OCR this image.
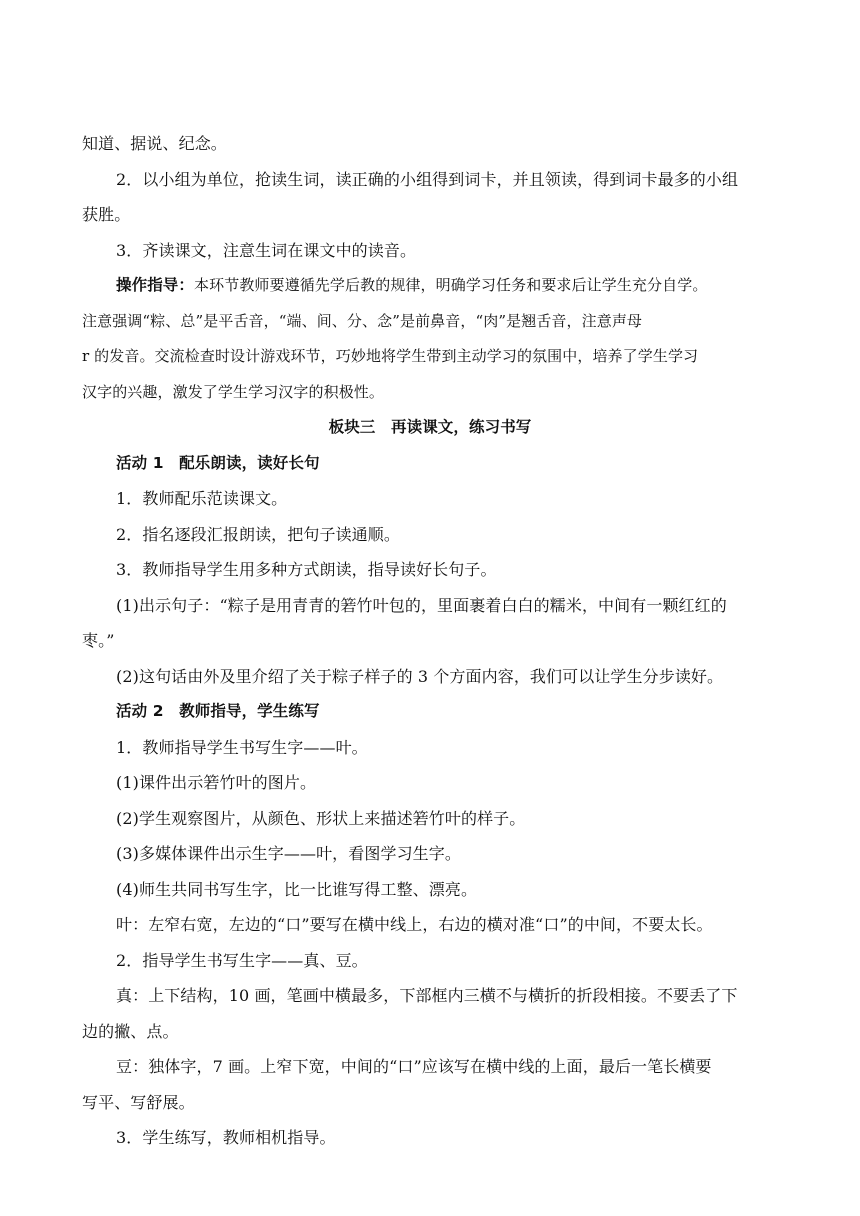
知道、据说、纪念。
2．以小组为单位，抢读生词，读正确的小组得到词卡，并且领读，得到词卡最多的小组
获胜。
3．齐读课文，注意生词在课文中的读音。
操作指导：本环节教师要遵循先学后教的规律，明确学习任务和要求后让学生充分自学。
注意强调“粽、总”是平舌音，“端、间、分、念”是前鼻音，“肉”是翘舌音，注意声母
r 的发音。交流检查时设计游戏环节，巧妙地将学生带到主动学习的氛围中，培养了学生学习
汉字的兴趣，激发了学生学习汉字的积极性。
板块三　再读课文，练习书写
活动 1　配乐朗读，读好长句
1．教师配乐范读课文。
2．指名逐段汇报朗读，把句子读通顺。
3．教师指导学生用多种方式朗读，指导读好长句子。
(1)出示句子：“粽子是用青青的箬竹叶包的，里面裹着白白的糯米，中间有一颗红红的
枣。”
(2)这句话由外及里介绍了关于粽子样子的 3 个方面内容，我们可以让学生分步读好。
活动 2　教师指导，学生练写
1．教师指导学生书写生字——叶。
(1)课件出示箬竹叶的图片。
(2)学生观察图片，从颜色、形状上来描述箬竹叶的样子。
(3)多媒体课件出示生字——叶，看图学习生字。
(4)师生共同书写生字，比一比谁写得工整、漂亮。
叶：左窄右宽，左边的“口”要写在横中线上，右边的横对准“口”的中间，不要太长。
2．指导学生书写生字——真、豆。
真：上下结构，10 画，笔画中横最多，下部框内三横不与横折的折段相接。不要丢了下
边的撇、点。
豆：独体字，7 画。上窄下宽，中间的“口”应该写在横中线的上面，最后一笔长横要
写平、写舒展。
3．学生练写，教师相机指导。
